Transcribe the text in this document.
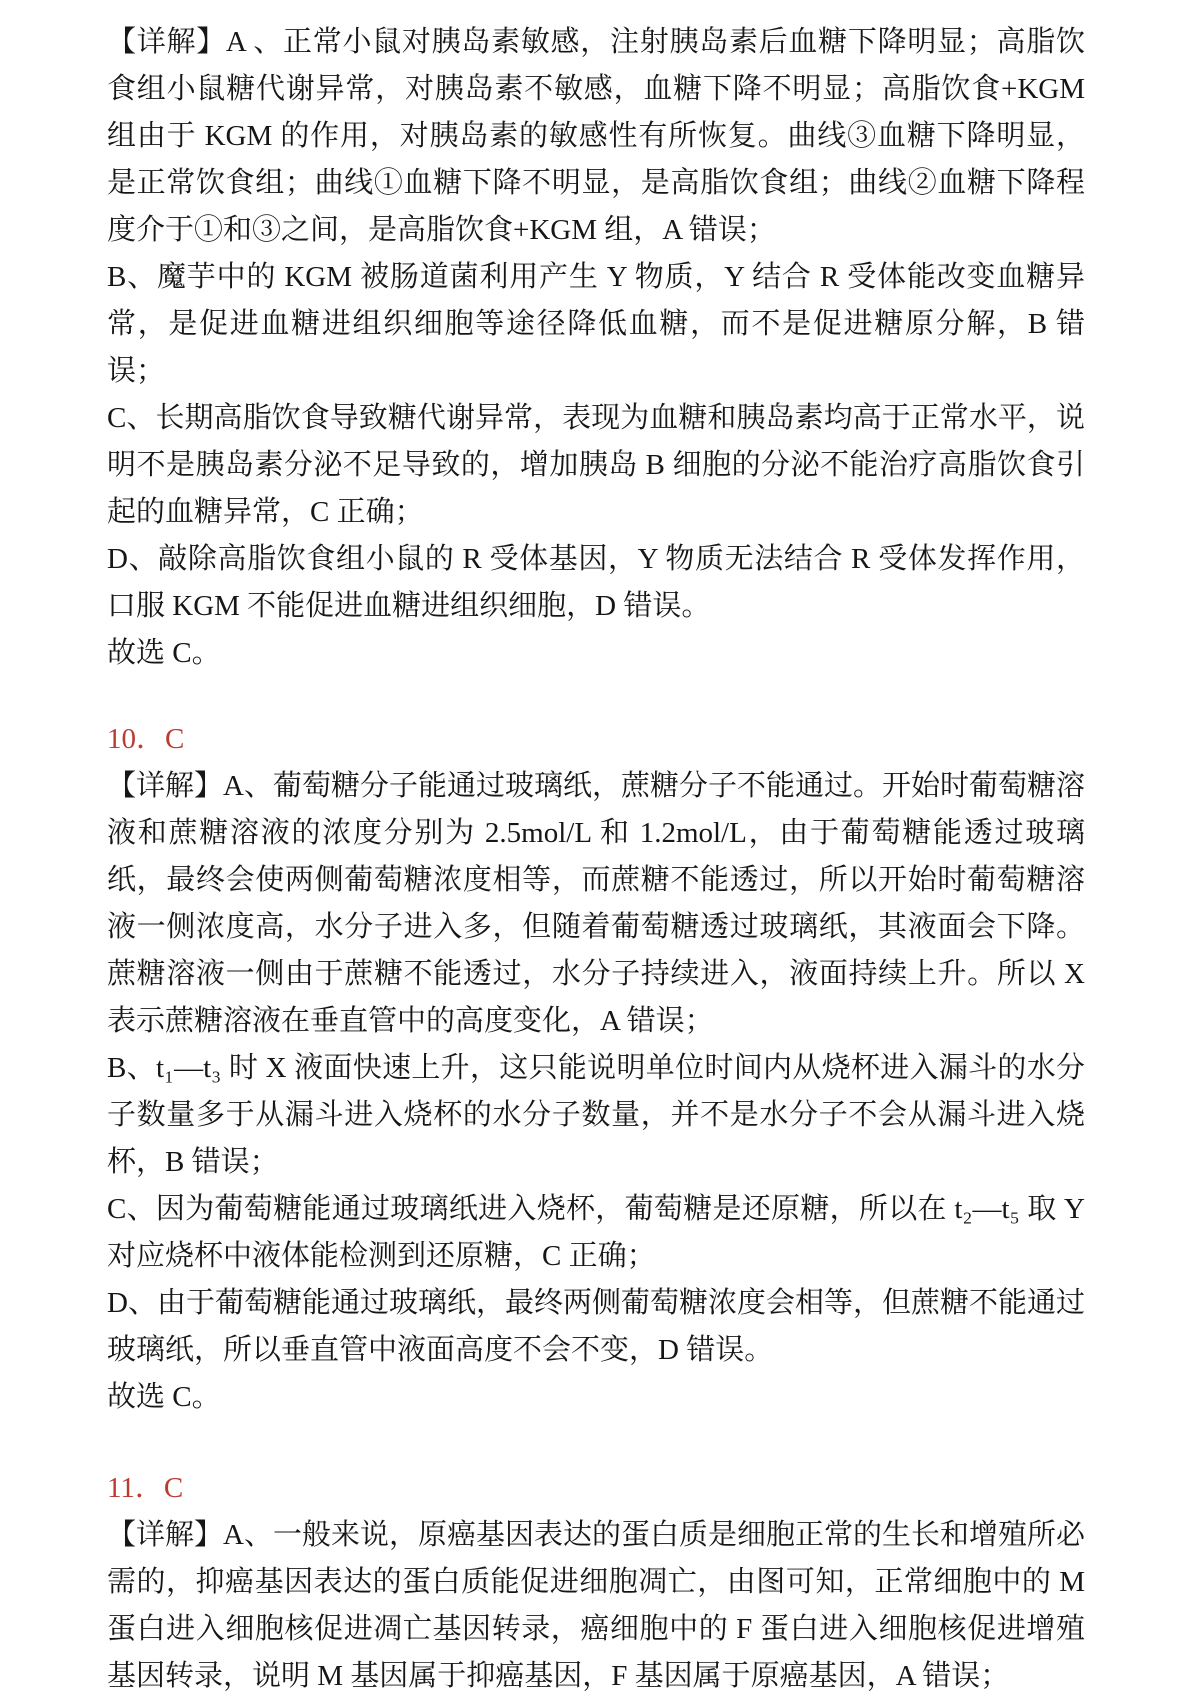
【详解】A 、正常小鼠对胰岛素敏感，注射胰岛素后血糖下降明显；高脂饮食组小鼠糖代谢异常，对胰岛素不敏感，血糖下降不明显；高脂饮食+KGM 组由于 KGM 的作用，对胰岛素的敏感性有所恢复。曲线③血糖下降明显，是正常饮食组；曲线①血糖下降不明显，是高脂饮食组；曲线②血糖下降程度介于①和③之间，是高脂饮食+KGM 组，A 错误；

B、魔芋中的 KGM 被肠道菌利用产生 Y 物质，Y 结合 R 受体能改变血糖异常，是促进血糖进组织细胞等途径降低血糖，而不是促进糖原分解，B 错误；

C、长期高脂饮食导致糖代谢异常，表现为血糖和胰岛素均高于正常水平，说明不是胰岛素分泌不足导致的，增加胰岛 B 细胞的分泌不能治疗高脂饮食引起的血糖异常，C 正确；

D、敲除高脂饮食组小鼠的 R 受体基因，Y 物质无法结合 R 受体发挥作用，口服 KGM 不能促进血糖进组织细胞，D 错误。

故选 C。

10．C

【详解】A、葡萄糖分子能通过玻璃纸，蔗糖分子不能通过。开始时葡萄糖溶液和蔗糖溶液的浓度分别为 2.5mol/L 和 1.2mol/L，由于葡萄糖能透过玻璃纸，最终会使两侧葡萄糖浓度相等，而蔗糖不能透过，所以开始时葡萄糖溶液一侧浓度高，水分子进入多，但随着葡萄糖透过玻璃纸，其液面会下降。蔗糖溶液一侧由于蔗糖不能透过，水分子持续进入，液面持续上升。所以 X 表示蔗糖溶液在垂直管中的高度变化，A 错误；

B、t₁—t₃ 时 X 液面快速上升，这只能说明单位时间内从烧杯进入漏斗的水分子数量多于从漏斗进入烧杯的水分子数量，并不是水分子不会从漏斗进入烧杯，B 错误；

C、因为葡萄糖能通过玻璃纸进入烧杯，葡萄糖是还原糖，所以在 t₂—t₅ 取 Y 对应烧杯中液体能检测到还原糖，C 正确；

D、由于葡萄糖能通过玻璃纸，最终两侧葡萄糖浓度会相等，但蔗糖不能通过玻璃纸，所以垂直管中液面高度不会不变，D 错误。

故选 C。

11．C

【详解】A、一般来说，原癌基因表达的蛋白质是细胞正常的生长和增殖所必需的，抑癌基因表达的蛋白质能促进细胞凋亡，由图可知，正常细胞中的 M 蛋白进入细胞核促进凋亡基因转录，癌细胞中的 F 蛋白进入细胞核促进增殖基因转录，说明 M 基因属于抑癌基因，F 基因属于原癌基因，A 错误；
